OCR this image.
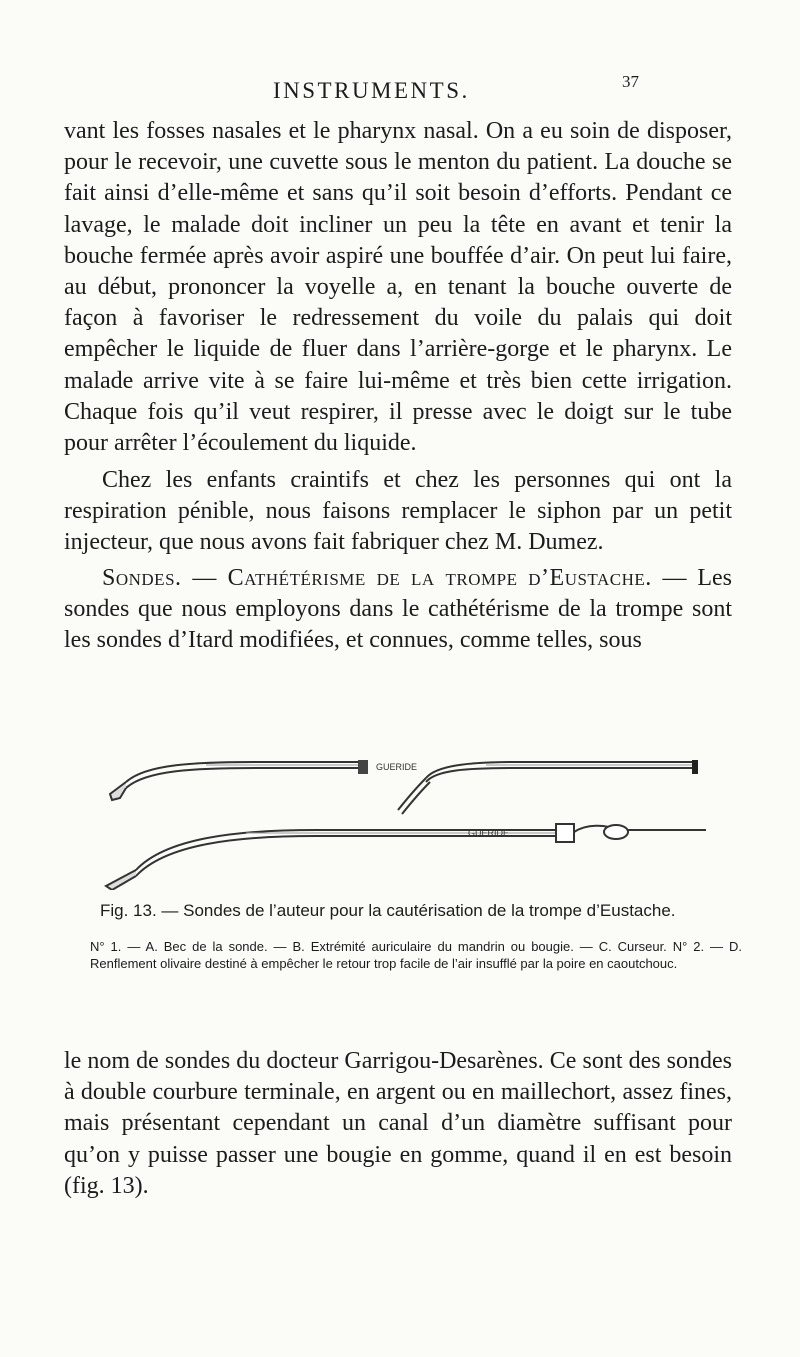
INSTRUMENTS.	37

vant les fosses nasales et le pharynx nasal. On a eu soin de disposer, pour le recevoir, une cuvette sous le menton du patient. La douche se fait ainsi d’elle-même et sans qu’il soit besoin d’efforts. Pendant ce lavage, le malade doit incliner un peu la tête en avant et tenir la bouche fermée après avoir aspiré une bouffée d’air. On peut lui faire, au début, prononcer la voyelle a, en tenant la bouche ouverte de façon à favoriser le redressement du voile du palais qui doit empêcher le liquide de fluer dans l’arrière-gorge et le pharynx. Le malade arrive vite à se faire lui-même et très bien cette irrigation. Chaque fois qu’il veut respirer, il presse avec le doigt sur le tube pour arrêter l’écoulement du liquide.

Chez les enfants craintifs et chez les personnes qui ont la respiration pénible, nous faisons remplacer le siphon par un petit injecteur, que nous avons fait fabriquer chez M. Dumez.

Sondes. — Cathétérisme de la trompe d’Eustache. — Les sondes que nous employons dans le cathétérisme de la trompe sont les sondes d’Itard modifiées, et connues, comme telles, sous

GUERIDE
GUERIDE

Fig. 13. — Sondes de l’auteur pour la cautérisation de la trompe d’Eustache.

N° 1. — A. Bec de la sonde. — B. Extrémité auriculaire du mandrin ou bougie. — C. Curseur. N° 2. — D. Renflement olivaire destiné à empêcher le retour trop facile de l’air insufflé par la poire en caoutchouc.

le nom de sondes du docteur Garrigou-Desarènes. Ce sont des sondes à double courbure terminale, en argent ou en maillechort, assez fines, mais présentant cependant un canal d’un diamètre suffisant pour qu’on y puisse passer une bougie en gomme, quand il en est besoin (fig. 13).
